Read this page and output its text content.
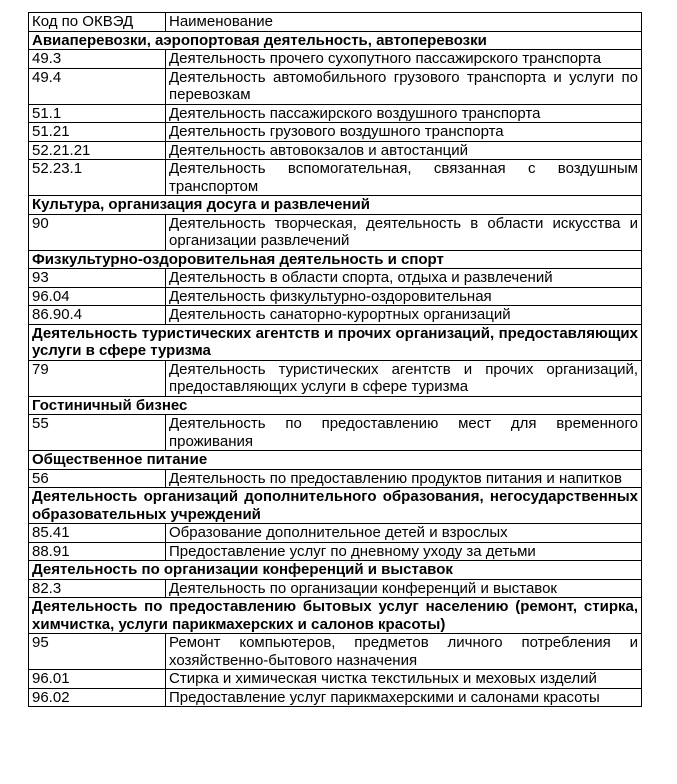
Код по ОКВЭД	Наименование
Авиаперевозки, аэропортовая деятельность, автоперевозки	
49.3	Деятельность прочего сухопутного пассажирского транспорта
49.4	Деятельность автомобильного грузового транспорта и услуги по перевозкам
51.1	Деятельность пассажирского воздушного транспорта
51.21	Деятельность грузового воздушного транспорта
52.21.21	Деятельность автовокзалов и автостанций
52.23.1	Деятельность вспомогательная, связанная с воздушным транспортом
Культура, организация досуга и развлечений	
90	Деятельность творческая, деятельность в области искусства и организации развлечений
Физкультурно-оздоровительная деятельность и спорт	
93	Деятельность в области спорта, отдыха и развлечений
96.04	Деятельность физкультурно-оздоровительная
86.90.4	Деятельность санаторно-курортных организаций
Деятельность туристических агентств и прочих организаций, предоставляющих услуги в сфере туризма	
79	Деятельность туристических агентств и прочих организаций, предоставляющих услуги в сфере туризма
Гостиничный бизнес	
55	Деятельность по предоставлению мест для временного проживания
Общественное питание	
56	Деятельность по предоставлению продуктов питания и напитков
Деятельность организаций дополнительного образования, негосударственных образовательных учреждений	
85.41	Образование дополнительное детей и взрослых
88.91	Предоставление услуг по дневному уходу за детьми
Деятельность по организации конференций и выставок	
82.3	Деятельность по организации конференций и выставок
Деятельность по предоставлению бытовых услуг населению (ремонт, стирка, химчистка, услуги парикмахерских и салонов красоты)	
95	Ремонт компьютеров, предметов личного потребления и хозяйственно-бытового назначения
96.01	Стирка и химическая чистка текстильных и меховых изделий
96.02	Предоставление услуг парикмахерскими и салонами красоты
